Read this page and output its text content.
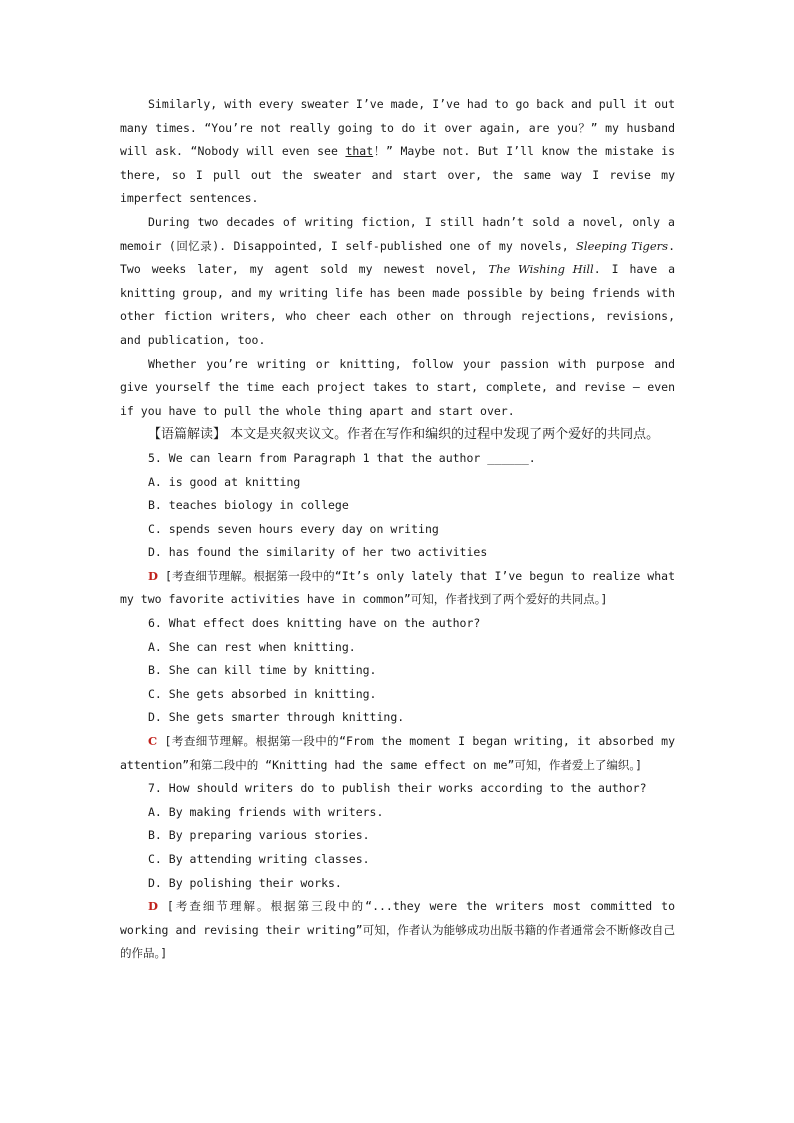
Similarly, with every sweater I’ve made, I’ve had to go back and pull it out many times. “You’re not really going to do it over again, are you？” my husband will ask. “Nobody will even see that！” Maybe not. But I’ll know the mistake is there, so I pull out the sweater and start over, the same way I revise my imperfect sentences.

During two decades of writing fiction, I still hadn’t sold a novel, only a memoir (回忆录). Disappointed, I self-published one of my novels, Sleeping Tigers. Two weeks later, my agent sold my newest novel, The Wishing Hill. I have a knitting group, and my writing life has been made possible by being friends with other fiction writers, who cheer each other on through rejections, revisions, and publication, too.

Whether you’re writing or knitting, follow your passion with purpose and give yourself the time each project takes to start, complete, and revise — even if you have to pull the whole thing apart and start over.

【语篇解读】 本文是夹叙夹议文。作者在写作和编织的过程中发现了两个爱好的共同点。

5. We can learn from Paragraph 1 that the author ______.

A. is good at knitting

B. teaches biology in college

C. spends seven hours every day on writing

D. has found the similarity of her two activities

D [考查细节理解。根据第一段中的“It’s only lately that I’ve begun to realize what my two favorite activities have in common”可知，作者找到了两个爱好的共同点。]

6. What effect does knitting have on the author?

A. She can rest when knitting.

B. She can kill time by knitting.

C. She gets absorbed in knitting.

D. She gets smarter through knitting.

C [考查细节理解。根据第一段中的“From the moment I began writing, it absorbed my attention”和第二段中的 “Knitting had the same effect on me”可知，作者爱上了编织。]

7. How should writers do to publish their works according to the author?

A. By making friends with writers.

B. By preparing various stories.

C. By attending writing classes.

D. By polishing their works.

D [考查细节理解。根据第三段中的“...they were the writers most committed to working and revising their writing”可知，作者认为能够成功出版书籍的作者通常会不断修改自己的作品。]
